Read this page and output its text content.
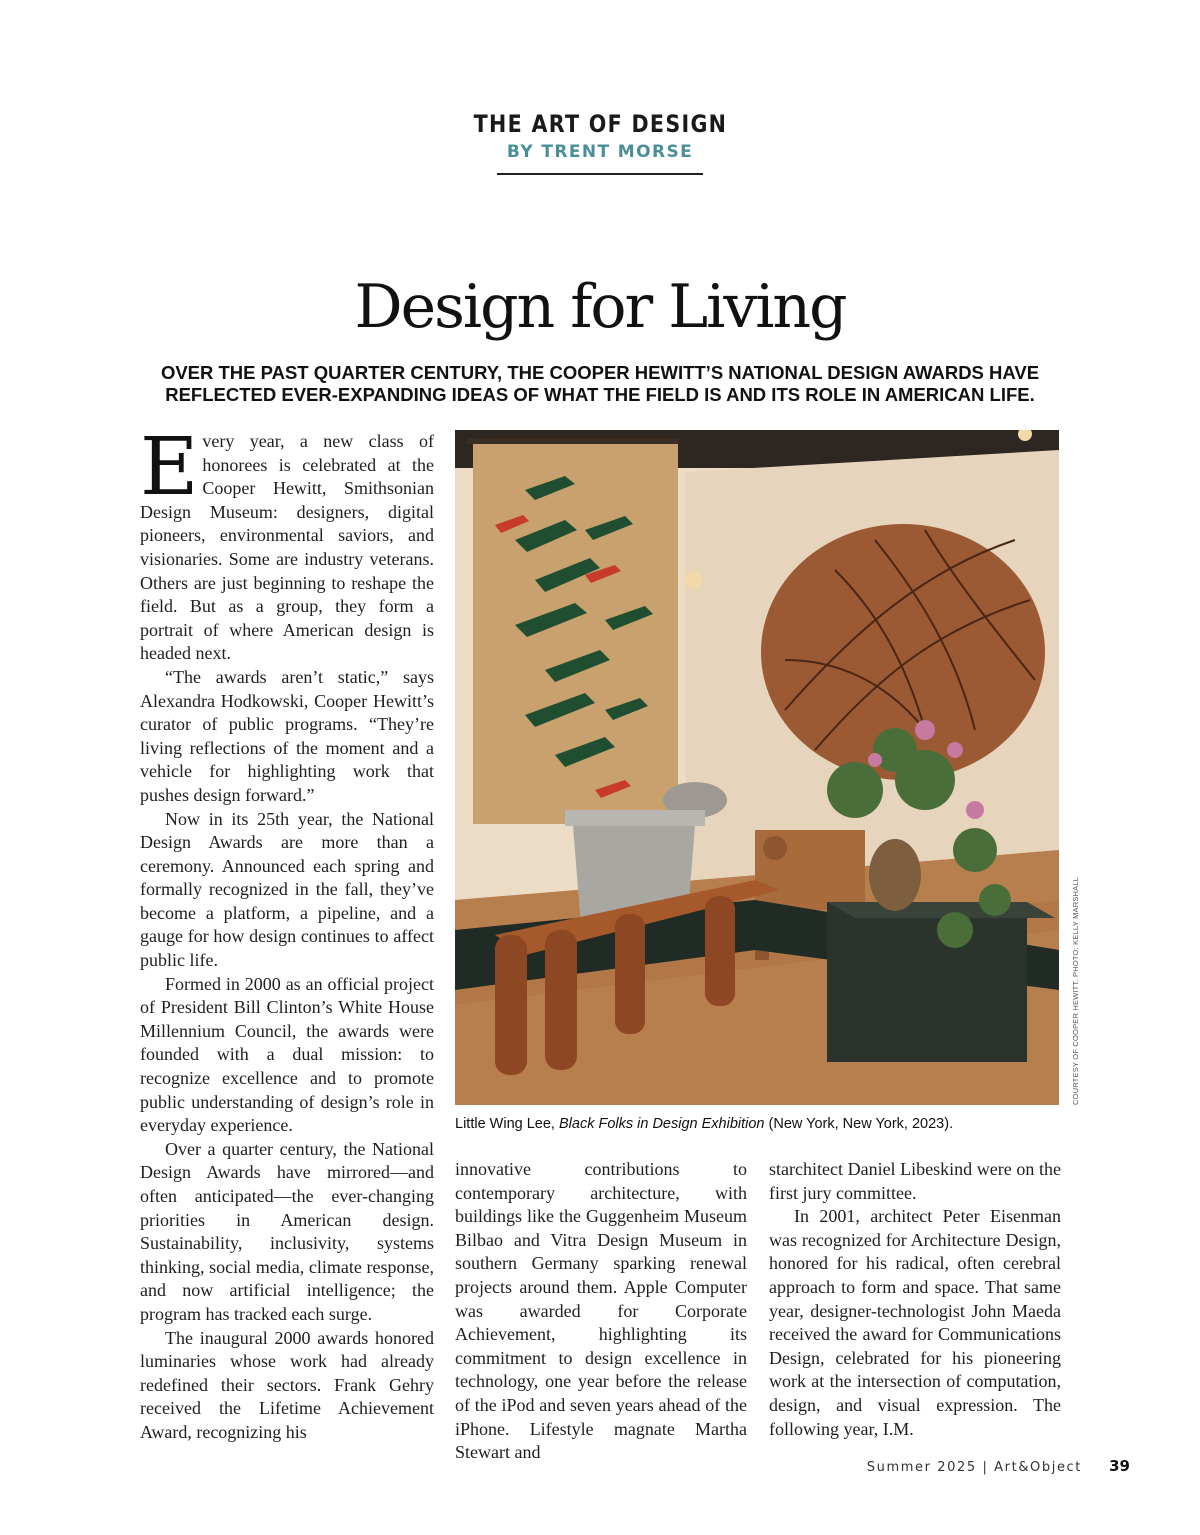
THE ART OF DESIGN
BY TRENT MORSE
Design for Living

OVER THE PAST QUARTER CENTURY, THE COOPER HEWITT’S NATIONAL DESIGN AWARDS HAVE REFLECTED EVER-EXPANDING IDEAS OF WHAT THE FIELD IS AND ITS ROLE IN AMERICAN LIFE.

Every year, a new class of honorees is celebrated at the Cooper Hewitt, Smithsonian Design Museum: designers, digital pioneers, environmental saviors, and visionaries. Some are industry veterans. Others are just beginning to reshape the field. But as a group, they form a portrait of where American design is headed next.

“The awards aren’t static,” says Alexandra Hodkowski, Cooper Hewitt’s curator of public programs. “They’re living reflections of the moment and a vehicle for highlighting work that pushes design forward.”

Now in its 25th year, the National Design Awards are more than a ceremony. Announced each spring and formally recognized in the fall, they’ve become a platform, a pipeline, and a gauge for how design continues to affect public life.

Formed in 2000 as an official project of President Bill Clinton’s White House Millennium Council, the awards were founded with a dual mission: to recognize excellence and to promote public understanding of design’s role in everyday experience.

Over a quarter century, the National Design Awards have mirrored—and often anticipated—the ever-changing priorities in American design. Sustainability, inclusivity, systems thinking, social media, climate response, and now artificial intelligence; the program has tracked each surge.

The inaugural 2000 awards honored luminaries whose work had already redefined their sectors. Frank Gehry received the Lifetime Achievement Award, recognizing his

Little Wing Lee, Black Folks in Design Exhibition (New York, New York, 2023).
COURTESY OF COOPER HEWITT. PHOTO: KELLY MARSHALL

innovative contributions to contemporary architecture, with buildings like the Guggenheim Museum Bilbao and Vitra Design Museum in southern Germany sparking renewal projects around them. Apple Computer was awarded for Corporate Achievement, highlighting its commitment to design excellence in technology, one year before the release of the iPod and seven years ahead of the iPhone. Lifestyle magnate Martha Stewart and

starchitect Daniel Libeskind were on the first jury committee.

In 2001, architect Peter Eisenman was recognized for Architecture Design, honored for his radical, often cerebral approach to form and space. That same year, designer-technologist John Maeda received the award for Communications Design, celebrated for his pioneering work at the intersection of computation, design, and visual expression. The following year, I.M.

Summer 2025 | Art&Object 39
